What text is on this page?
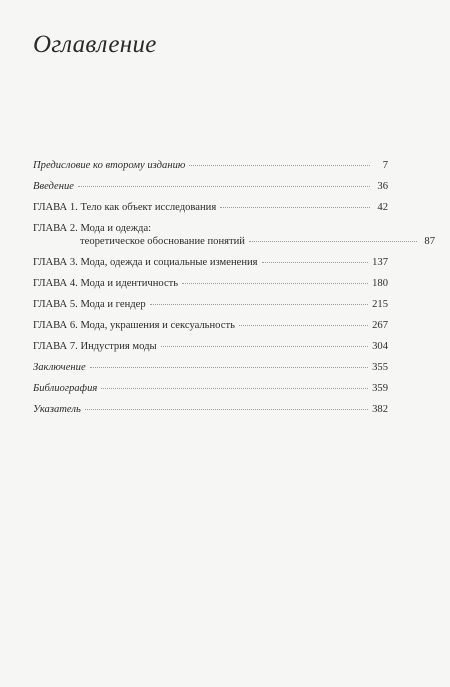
Оглавление
Предисловие ко второму изданию	7
Введение	36
ГЛАВА 1. Тело как объект исследования	42
ГЛАВА 2. Мода и одежда:
теоретическое обоснование понятий	87
ГЛАВА 3. Мода, одежда и социальные изменения	137
ГЛАВА 4. Мода и идентичность	180
ГЛАВА 5. Мода и гендер	215
ГЛАВА 6. Мода, украшения и сексуальность	267
ГЛАВА 7. Индустрия моды	304
Заключение	355
Библиография	359
Указатель	382
